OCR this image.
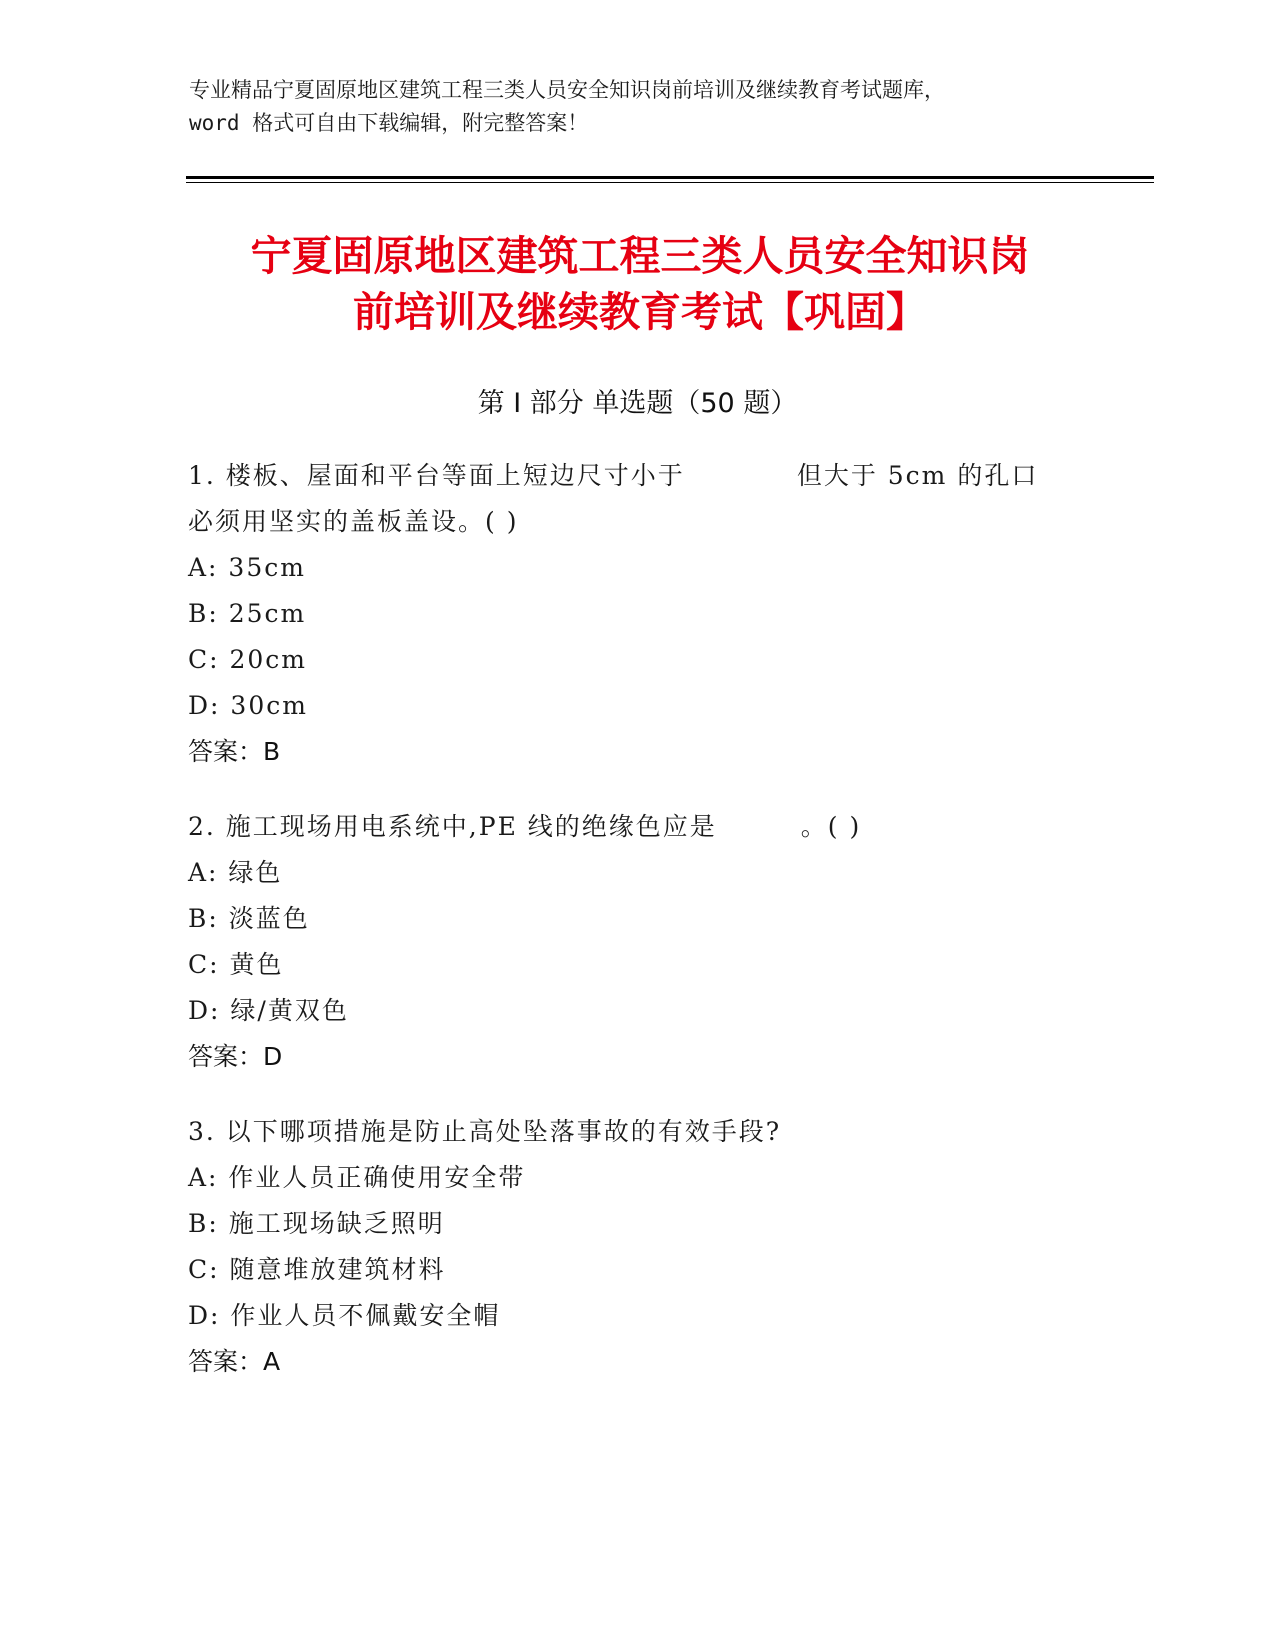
专业精品宁夏固原地区建筑工程三类人员安全知识岗前培训及继续教育考试题库，
word 格式可自由下载编辑，附完整答案！
宁夏固原地区建筑工程三类人员安全知识岗
前培训及继续教育考试【巩固】
第 I 部分 单选题（50 题）
1. 楼板、屋面和平台等面上短边尺寸小于	但大于 5cm 的孔口
必须用坚实的盖板盖设。( )
A: 35cm
B: 25cm
C: 20cm
D: 30cm
答案：B
2. 施工现场用电系统中,PE 线的绝缘色应是	。( )
A: 绿色
B: 淡蓝色
C: 黄色
D: 绿/黄双色
答案：D
3. 以下哪项措施是防止高处坠落事故的有效手段?
A: 作业人员正确使用安全带
B: 施工现场缺乏照明
C: 随意堆放建筑材料
D: 作业人员不佩戴安全帽
答案：A
